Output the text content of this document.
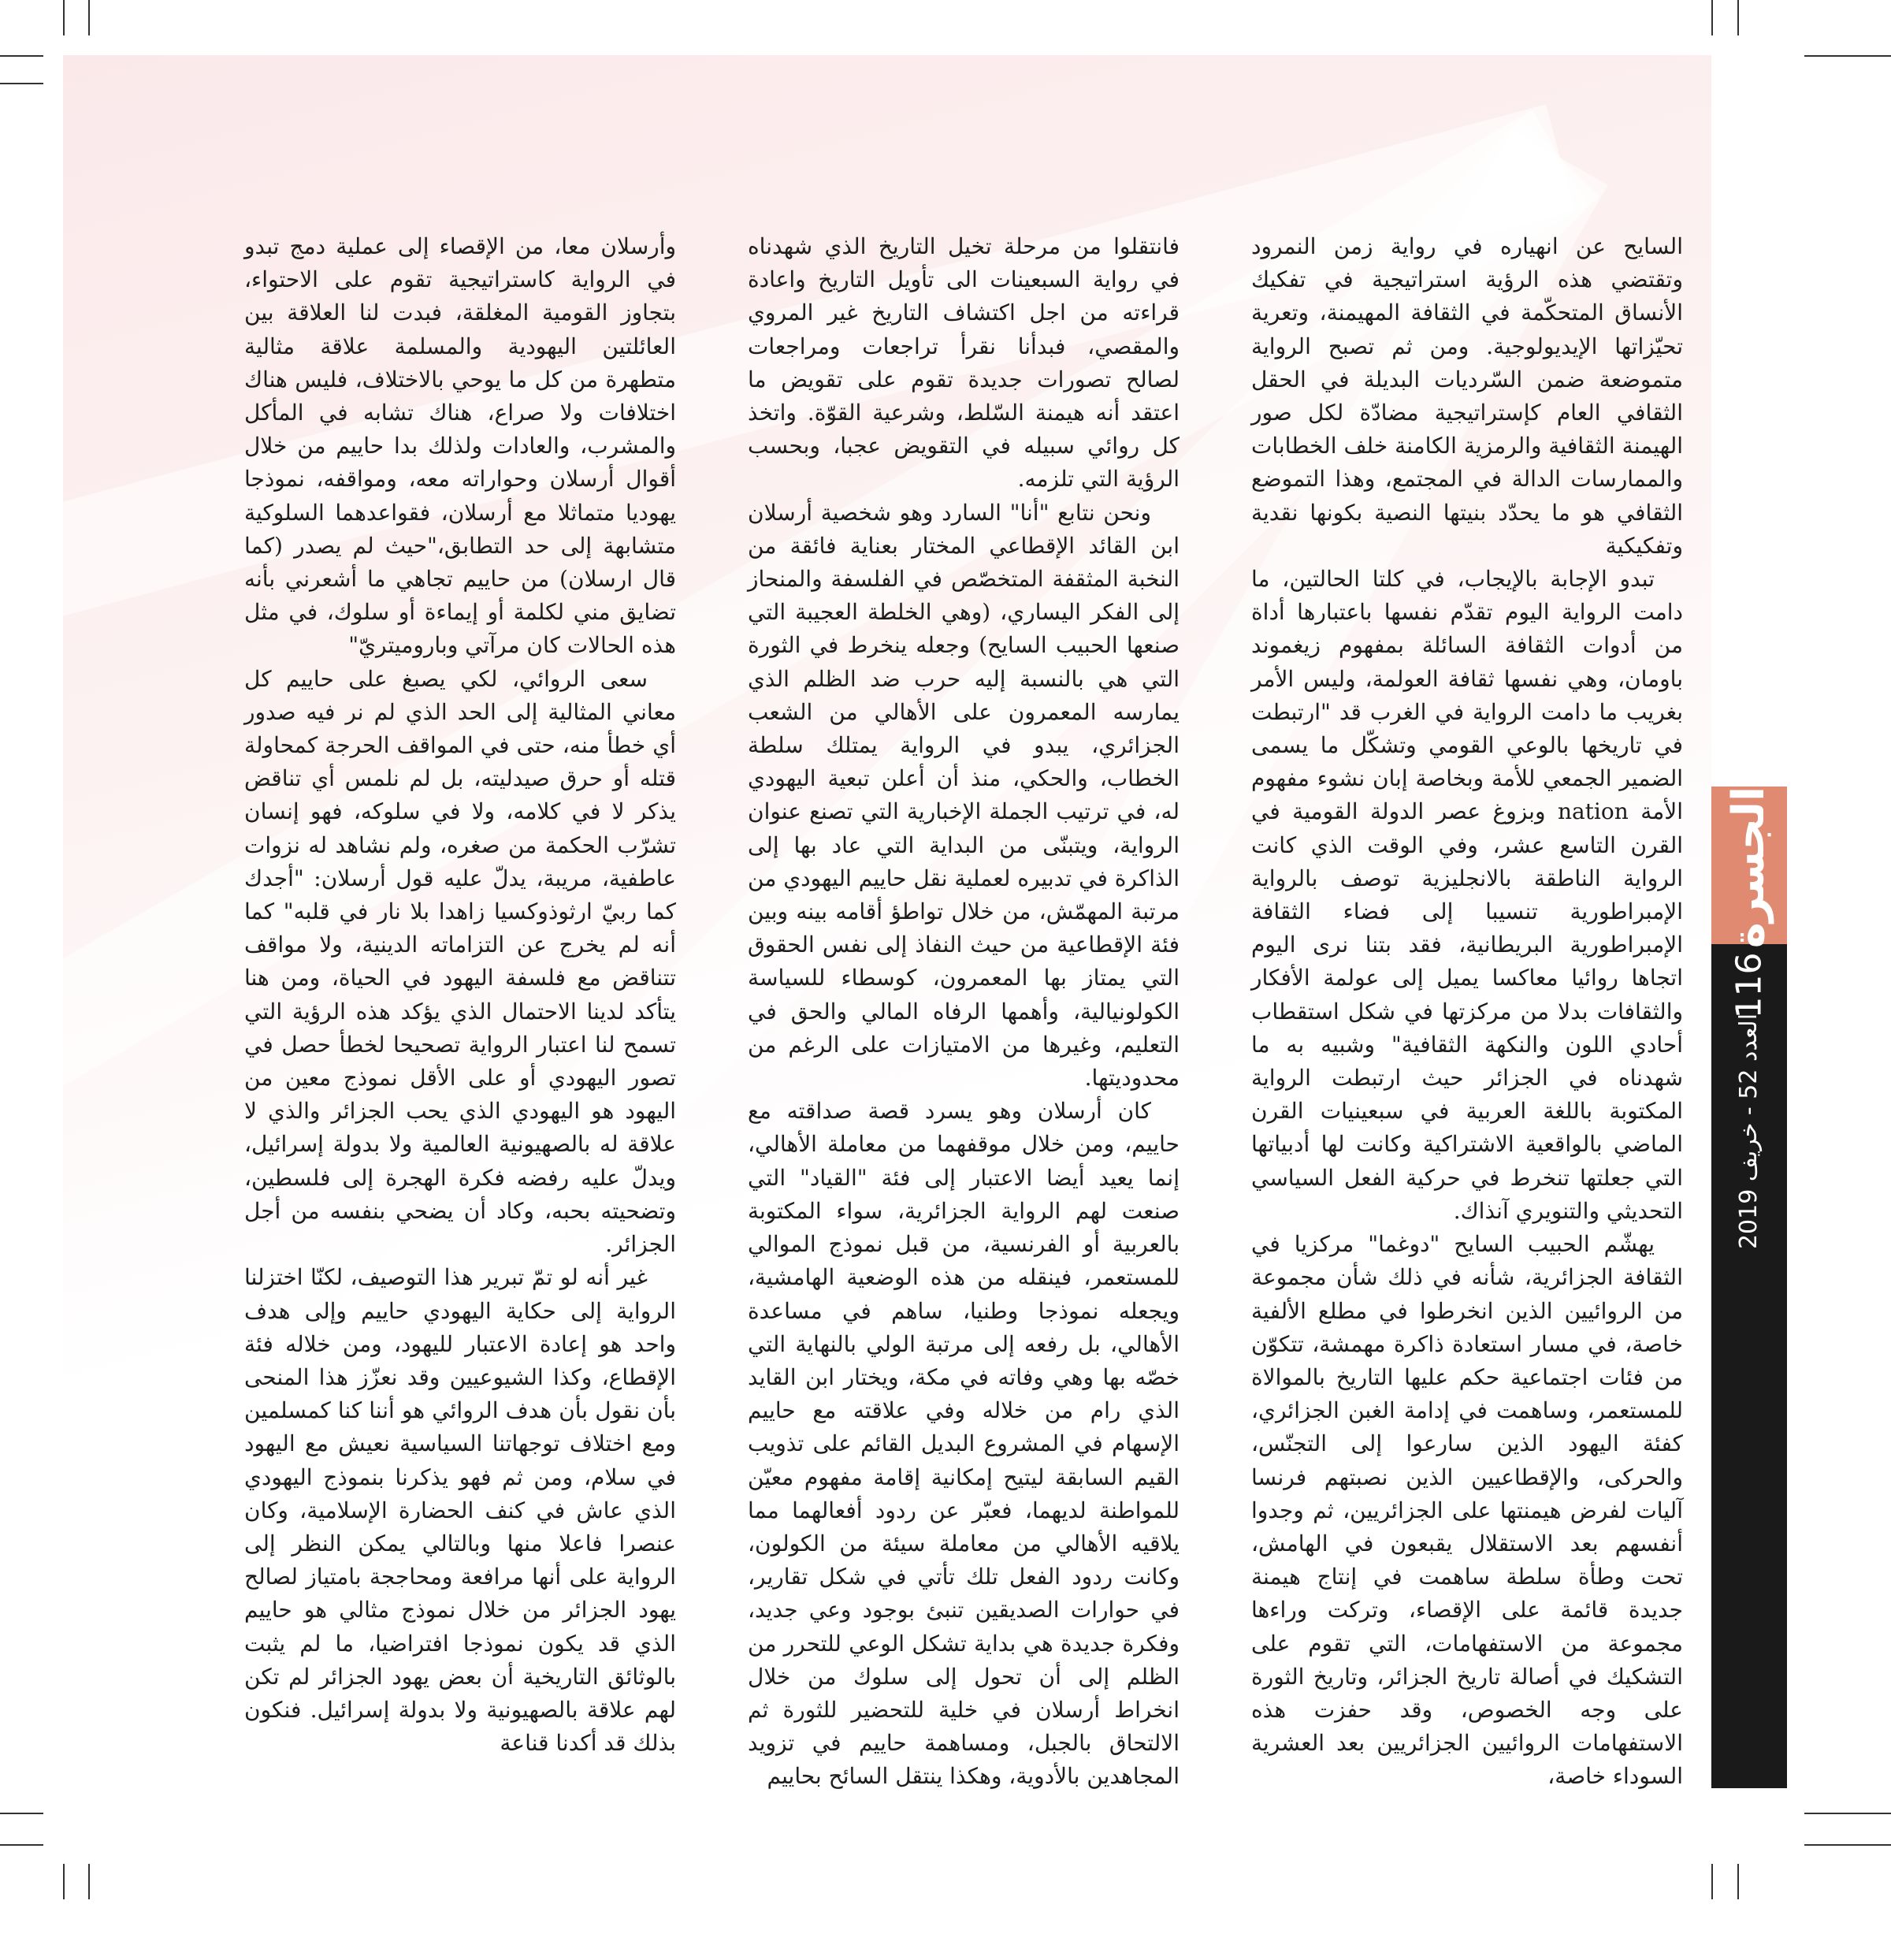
الجسرة
116
العدد 52 - خريف 2019

السايح عن انهياره في رواية زمن النمرود وتقتضي هذه الرؤية استراتيجية في تفكيك الأنساق المتحكّمة في الثقافة المهيمنة، وتعرية تحيّزاتها الإيديولوجية. ومن ثم تصبح الرواية متموضعة ضمن السّرديات البديلة في الحقل الثقافي العام كإستراتيجية مضادّة لكل صور الهيمنة الثقافية والرمزية الكامنة خلف الخطابات والممارسات الدالة في المجتمع، وهذا التموضع الثقافي هو ما يحدّد بنيتها النصية بكونها نقدية وتفكيكية

تبدو الإجابة بالإيجاب، في كلتا الحالتين، ما دامت الرواية اليوم تقدّم نفسها باعتبارها أداة من أدوات الثقافة السائلة بمفهوم زيغموند باومان، وهي نفسها ثقافة العولمة، وليس الأمر بغريب ما دامت الرواية في الغرب قد "ارتبطت في تاريخها بالوعي القومي وتشكّل ما يسمى الضمير الجمعي للأمة وبخاصة إبان نشوء مفهوم الأمة nation وبزوغ عصر الدولة القومية في القرن التاسع عشر، وفي الوقت الذي كانت الرواية الناطقة بالانجليزية توصف بالرواية الإمبراطورية تنسيبا إلى فضاء الثقافة الإمبراطورية البريطانية، فقد بتنا نرى اليوم اتجاها روائيا معاكسا يميل إلى عولمة الأفكار والثقافات بدلا من مركزتها في شكل استقطاب أحادي اللون والنكهة الثقافية" وشبيه به ما شهدناه في الجزائر حيث ارتبطت الرواية المكتوبة باللغة العربية في سبعينيات القرن الماضي بالواقعية الاشتراكية وكانت لها أدبياتها التي جعلتها تنخرط في حركية الفعل السياسي التحديثي والتنويري آنذاك.

يهشّم الحبيب السايح "دوغما" مركزيا في الثقافة الجزائرية، شأنه في ذلك شأن مجموعة من الروائيين الذين انخرطوا في مطلع الألفية خاصة، في مسار استعادة ذاكرة مهمشة، تتكوّن من فئات اجتماعية حكم عليها التاريخ بالموالاة للمستعمر، وساهمت في إدامة الغبن الجزائري، كفئة اليهود الذين سارعوا إلى التجنّس، والحركى، والإقطاعيين الذين نصبتهم فرنسا آليات لفرض هيمنتها على الجزائريين، ثم وجدوا أنفسهم بعد الاستقلال يقبعون في الهامش، تحت وطأة سلطة ساهمت في إنتاج هيمنة جديدة قائمة على الإقصاء، وتركت وراءها مجموعة من الاستفهامات، التي تقوم على التشكيك في أصالة تاريخ الجزائر، وتاريخ الثورة على وجه الخصوص، وقد حفزت هذه الاستفهامات الروائيين الجزائريين بعد العشرية السوداء خاصة،

فانتقلوا من مرحلة تخيل التاريخ الذي شهدناه في رواية السبعينات الى تأويل التاريخ واعادة قراءته من اجل اكتشاف التاريخ غير المروي والمقصي، فبدأنا نقرأ تراجعات ومراجعات لصالح تصورات جديدة تقوم على تقويض ما اعتقد أنه هيمنة السّلط، وشرعية القوّة. واتخذ كل روائي سبيله في التقويض عجبا، وبحسب الرؤية التي تلزمه.

ونحن نتابع "أنا" السارد وهو شخصية أرسلان ابن القائد الإقطاعي المختار بعناية فائقة من النخبة المثقفة المتخصّص في الفلسفة والمنحاز إلى الفكر اليساري، (وهي الخلطة العجيبة التي صنعها الحبيب السايح) وجعله ينخرط في الثورة التي هي بالنسبة إليه حرب ضد الظلم الذي يمارسه المعمرون على الأهالي من الشعب الجزائري، يبدو في الرواية يمتلك سلطة الخطاب، والحكي، منذ أن أعلن تبعية اليهودي له، في ترتيب الجملة الإخبارية التي تصنع عنوان الرواية، ويتبنّى من البداية التي عاد بها إلى الذاكرة في تدبيره لعملية نقل حاييم اليهودي من مرتبة المهمّش، من خلال تواطؤ أقامه بينه وبين فئة الإقطاعية من حيث النفاذ إلى نفس الحقوق التي يمتاز بها المعمرون، كوسطاء للسياسة الكولونيالية، وأهمها الرفاه المالي والحق في التعليم، وغيرها من الامتيازات على الرغم من محدوديتها.

كان أرسلان وهو يسرد قصة صداقته مع حاييم، ومن خلال موقفهما من معاملة الأهالي، إنما يعيد أيضا الاعتبار إلى فئة "القياد" التي صنعت لهم الرواية الجزائرية، سواء المكتوبة بالعربية أو الفرنسية، من قبل نموذج الموالي للمستعمر، فينقله من هذه الوضعية الهامشية، ويجعله نموذجا وطنيا، ساهم في مساعدة الأهالي، بل رفعه إلى مرتبة الولي بالنهاية التي خصّه بها وهي وفاته في مكة، ويختار ابن القايد الذي رام من خلاله وفي علاقته مع حاييم الإسهام في المشروع البديل القائم على تذويب القيم السابقة ليتيح إمكانية إقامة مفهوم معيّن للمواطنة لديهما، فعبّر عن ردود أفعالهما مما يلاقيه الأهالي من معاملة سيئة من الكولون، وكانت ردود الفعل تلك تأتي في شكل تقارير، في حوارات الصديقين تنبئ بوجود وعي جديد، وفكرة جديدة هي بداية تشكل الوعي للتحرر من الظلم إلى أن تحول إلى سلوك من خلال انخراط أرسلان في خلية للتحضير للثورة ثم الالتحاق بالجبل، ومساهمة حاييم في تزويد المجاهدين بالأدوية، وهكذا ينتقل السائح بحاييم

وأرسلان معا، من الإقصاء إلى عملية دمج تبدو في الرواية كاستراتيجية تقوم على الاحتواء، بتجاوز القومية المغلقة، فبدت لنا العلاقة بين العائلتين اليهودية والمسلمة علاقة مثالية متطهرة من كل ما يوحي بالاختلاف، فليس هناك اختلافات ولا صراع، هناك تشابه في المأكل والمشرب، والعادات ولذلك بدا حاييم من خلال أقوال أرسلان وحواراته معه، ومواقفه، نموذجا يهوديا متماثلا مع أرسلان، فقواعدهما السلوكية متشابهة إلى حد التطابق،"حيث لم يصدر (كما قال ارسلان) من حاييم تجاهي ما أشعرني بأنه تضايق مني لكلمة أو إيماءة أو سلوك، في مثل هذه الحالات كان مرآتي وباروميتريّ"

سعى الروائي، لكي يصبغ على حاييم كل معاني المثالية إلى الحد الذي لم نر فيه صدور أي خطأ منه، حتى في المواقف الحرجة كمحاولة قتله أو حرق صيدليته، بل لم نلمس أي تناقض يذكر لا في كلامه، ولا في سلوكه، فهو إنسان تشرّب الحكمة من صغره، ولم نشاهد له نزوات عاطفية، مريبة، يدلّ عليه قول أرسلان: "أجدك كما ربيّ ارثوذوكسيا زاهدا بلا نار في قلبه" كما أنه لم يخرج عن التزاماته الدينية، ولا مواقف تتناقض مع فلسفة اليهود في الحياة، ومن هنا يتأكد لدينا الاحتمال الذي يؤكد هذه الرؤية التي تسمح لنا اعتبار الرواية تصحيحا لخطأ حصل في تصور اليهودي أو على الأقل نموذج معين من اليهود هو اليهودي الذي يحب الجزائر والذي لا علاقة له بالصهيونية العالمية ولا بدولة إسرائيل، ويدلّ عليه رفضه فكرة الهجرة إلى فلسطين، وتضحيته بحبه، وكاد أن يضحي بنفسه من أجل الجزائر.

غير أنه لو تمّ تبرير هذا التوصيف، لكنّا اختزلنا الرواية إلى حكاية اليهودي حاييم وإلى هدف واحد هو إعادة الاعتبار لليهود، ومن خلاله فئة الإقطاع، وكذا الشيوعيين وقد نعزّز هذا المنحى بأن نقول بأن هدف الروائي هو أننا كنا كمسلمين ومع اختلاف توجهاتنا السياسية نعيش مع اليهود في سلام، ومن ثم فهو يذكرنا بنموذج اليهودي الذي عاش في كنف الحضارة الإسلامية، وكان عنصرا فاعلا منها وبالتالي يمكن النظر إلى الرواية على أنها مرافعة ومحاججة بامتياز لصالح يهود الجزائر من خلال نموذج مثالي هو حاييم الذي قد يكون نموذجا افتراضيا، ما لم يثبت بالوثائق التاريخية أن بعض يهود الجزائر لم تكن لهم علاقة بالصهيونية ولا بدولة إسرائيل. فنكون بذلك قد أكدنا قناعة
